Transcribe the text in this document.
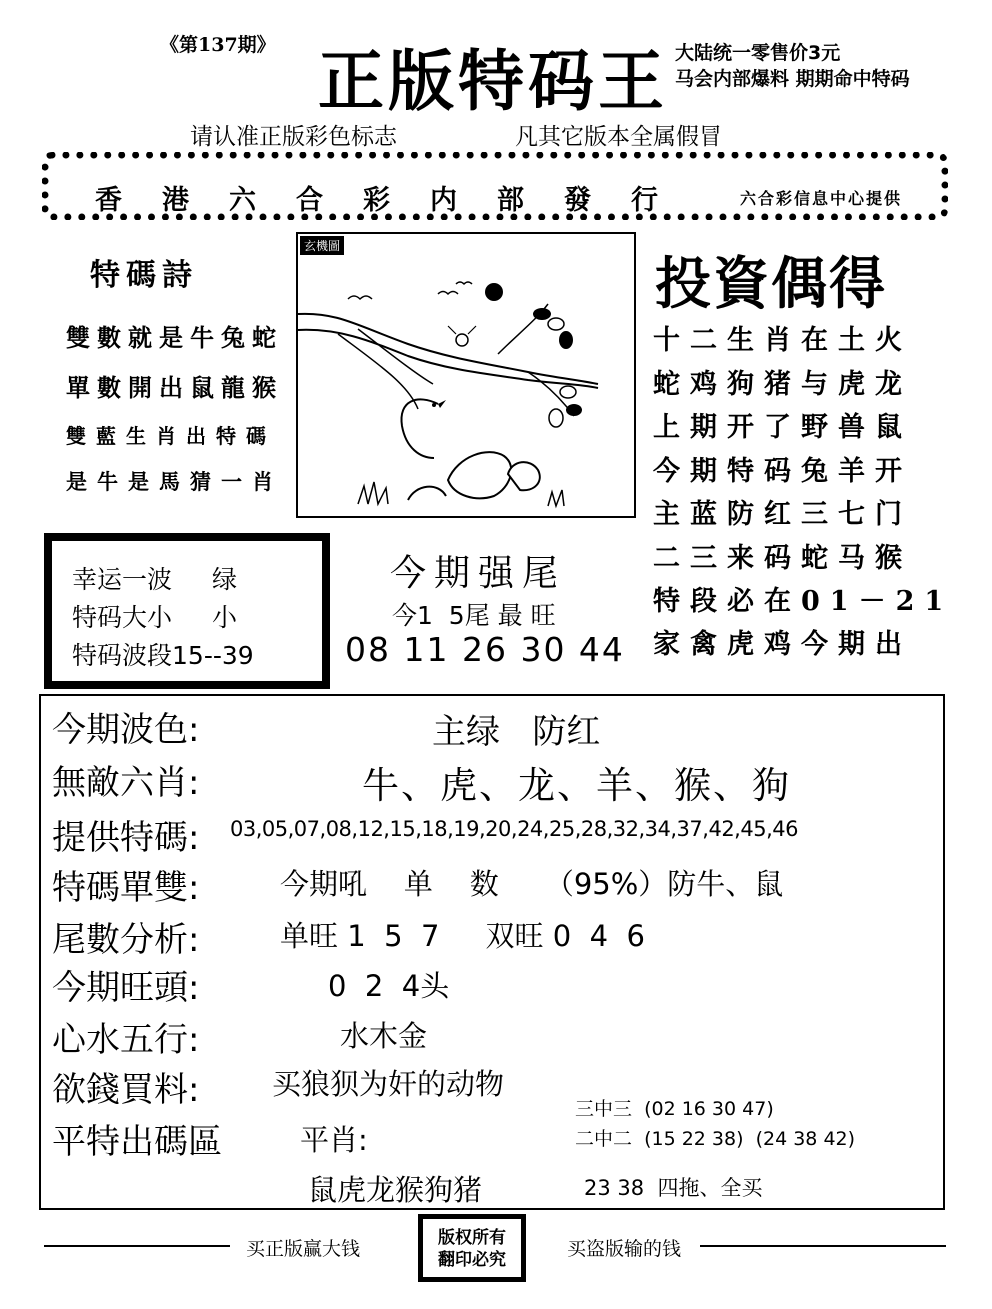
《第137期》 正版特码王 大陆统一零售价3元
马会内部爆料 期期命中特码
请认准正版彩色标志	凡其它版本全属假冒
香港六合彩内部發行	六合彩信息中心提供
特碼詩
雙數就是牛兔蛇
單數開出鼠龍猴
雙藍生肖出特碼
是牛是馬猜一肖
玄機圖
投資偶得
十二生肖在土火
蛇鸡狗猪与虎龙
上期开了野兽鼠
今期特码兔羊开
主蓝防红三七门
二三来码蛇马猴
特段必在01－21
家禽虎鸡今期出
幸运一波 绿
特码大小 小
特码波段15--39
今期强尾
今1  5尾 最 旺
08 11 26 30 44
今期波色:	主绿   防红
無敵六肖:	牛、虎、龙、羊、猴、狗
提供特碼: 03,05,07,08,12,15,18,19,20,24,25,28,32,34,37,42,45,46
特碼單雙:	今期吼    单    数     （95%）防牛、鼠
尾數分析:	单旺 1  5  7     双旺 0  4  6
今期旺頭:	0  2  4头
心水五行:	水木金
欲錢買料:	买狼狈为奸的动物
平特出碼區	平肖:
鼠虎龙猴狗猪
三中三  (02 16 30 47)
二中二  (15 22 38)  (24 38 42)
23 38  四拖、全买
买正版赢大钱	版权所有
翻印必究	买盗版输的钱
